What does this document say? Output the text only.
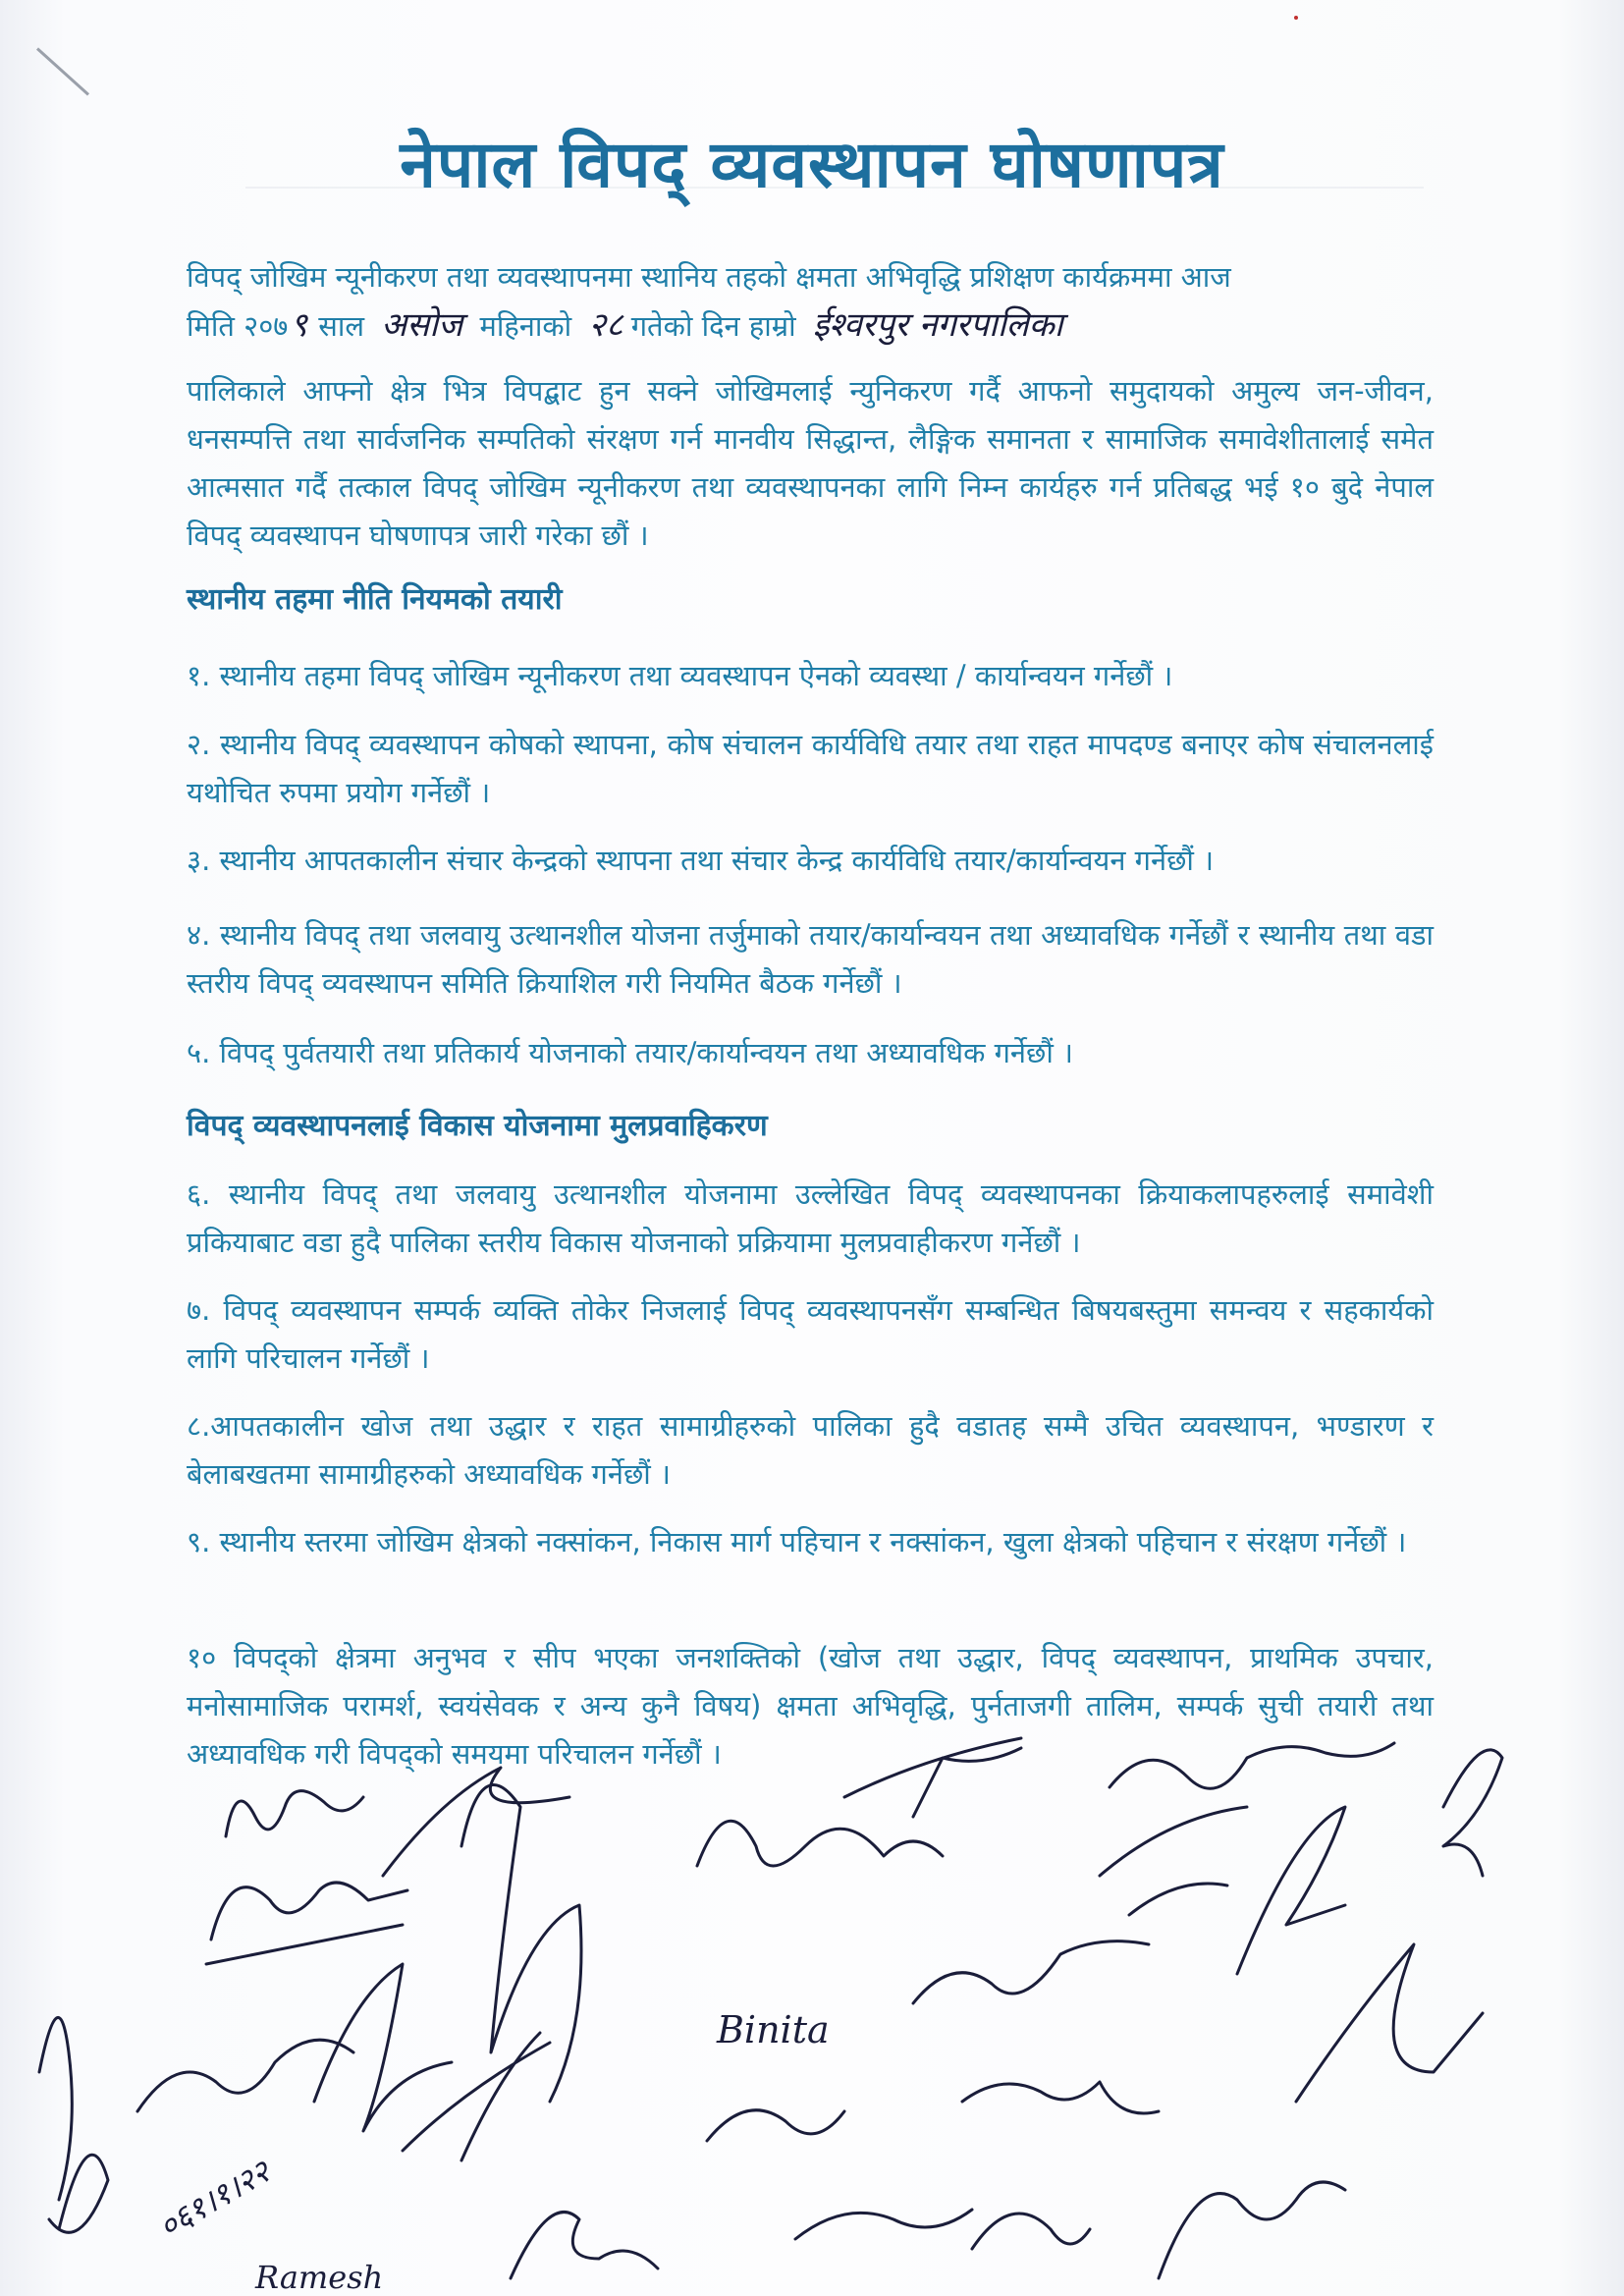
नेपाल विपद् व्यवस्थापन घोषणापत्र
विपद् जोखिम न्यूनीकरण तथा व्यवस्थापनमा स्थानिय तहको क्षमता अभिवृद्धि प्रशिक्षण कार्यक्रममा आज
मिति २०७९ साल असोज महिनाको २८ गतेको दिन हाम्रो ईश्वरपुर नगरपालिका
पालिकाले आफ्नो क्षेत्र भित्र विपद्बाट हुन सक्ने जोखिमलाई न्युनिकरण गर्दै आफनो समुदायको अमुल्य जन-जीवन, धनसम्पत्ति तथा सार्वजनिक सम्पतिको संरक्षण गर्न मानवीय सिद्धान्त, लैङ्गिक समानता र सामाजिक समावेशीतालाई समेत आत्मसात गर्दै तत्काल विपद् जोखिम न्यूनीकरण तथा व्यवस्थापनका लागि निम्न कार्यहरु गर्न प्रतिबद्ध भई १० बुदे नेपाल विपद् व्यवस्थापन घोषणापत्र जारी गरेका छौं ।
स्थानीय तहमा नीति नियमको तयारी
१. स्थानीय तहमा विपद् जोखिम न्यूनीकरण तथा व्यवस्थापन ऐनको व्यवस्था / कार्यान्वयन गर्नेछौं ।
२. स्थानीय विपद् व्यवस्थापन कोषको स्थापना, कोष संचालन कार्यविधि तयार तथा राहत मापदण्ड बनाएर कोष संचालनलाई यथोचित रुपमा प्रयोग गर्नेछौं ।
३. स्थानीय आपतकालीन संचार केन्द्रको स्थापना तथा संचार केन्द्र कार्यविधि तयार/कार्यान्वयन गर्नेछौं ।
४. स्थानीय विपद् तथा जलवायु उत्थानशील योजना तर्जुमाको तयार/कार्यान्वयन तथा अध्यावधिक गर्नेछौं र स्थानीय तथा वडा स्तरीय विपद् व्यवस्थापन समिति क्रियाशिल गरी नियमित बैठक गर्नेछौं ।
५. विपद् पुर्वतयारी तथा प्रतिकार्य योजनाको तयार/कार्यान्वयन तथा अध्यावधिक गर्नेछौं ।
विपद् व्यवस्थापनलाई विकास योजनामा मुलप्रवाहिकरण
६. स्थानीय विपद् तथा जलवायु उत्थानशील योजनामा उल्लेखित विपद् व्यवस्थापनका क्रियाकलापहरुलाई समावेशी प्रकियाबाट वडा हुदै पालिका स्तरीय विकास योजनाको प्रक्रियामा मुलप्रवाहीकरण गर्नेछौं ।
७. विपद् व्यवस्थापन सम्पर्क व्यक्ति तोकेर निजलाई विपद् व्यवस्थापनसँग सम्बन्धित बिषयबस्तुमा समन्वय र सहकार्यको लागि परिचालन गर्नेछौं ।
८.आपतकालीन खोज तथा उद्धार र राहत सामाग्रीहरुको पालिका हुदै वडातह सम्मै उचित व्यवस्थापन, भण्डारण र बेलाबखतमा सामाग्रीहरुको अध्यावधिक गर्नेछौं ।
९. स्थानीय स्तरमा जोखिम क्षेत्रको नक्सांकन, निकास मार्ग पहिचान र नक्सांकन, खुला क्षेत्रको पहिचान र संरक्षण गर्नेछौं ।
१० विपद्को क्षेत्रमा अनुभव र सीप भएका जनशक्तिको (खोज तथा उद्धार, विपद् व्यवस्थापन, प्राथमिक उपचार, मनोसामाजिक परामर्श, स्वयंसेवक र अन्य कुनै विषय) क्षमता अभिवृद्धि, पुर्नताजगी तालिम, सम्पर्क सुची तयारी तथा अध्यावधिक गरी विपद्को समयमा परिचालन गर्नेछौं ।
Binita
Ramesh
०६१।१।२२
